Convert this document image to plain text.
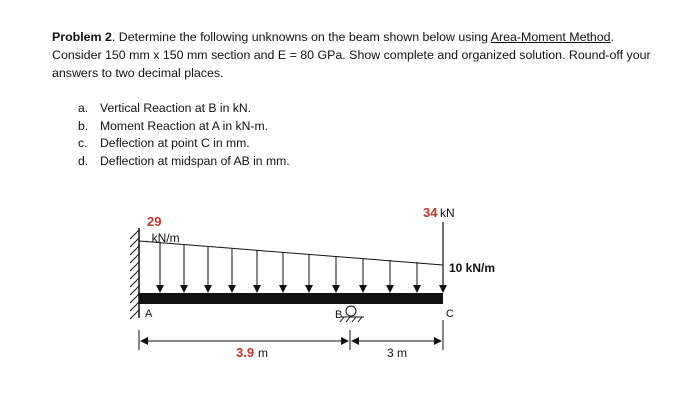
Problem 2. Determine the following unknowns on the beam shown below using Area-Moment Method. Consider 150 mm x 150 mm section and E = 80 GPa. Show complete and organized solution. Round-off your answers to two decimal places.
a. Vertical Reaction at B in kN.
b. Moment Reaction at A in kN-m.
c.	Deflection at point C in mm.
d. Deflection at midspan of AB in mm.
29
. kN/m
34 kN
10 kN/m
A	B	C
3.9 m	3 m
